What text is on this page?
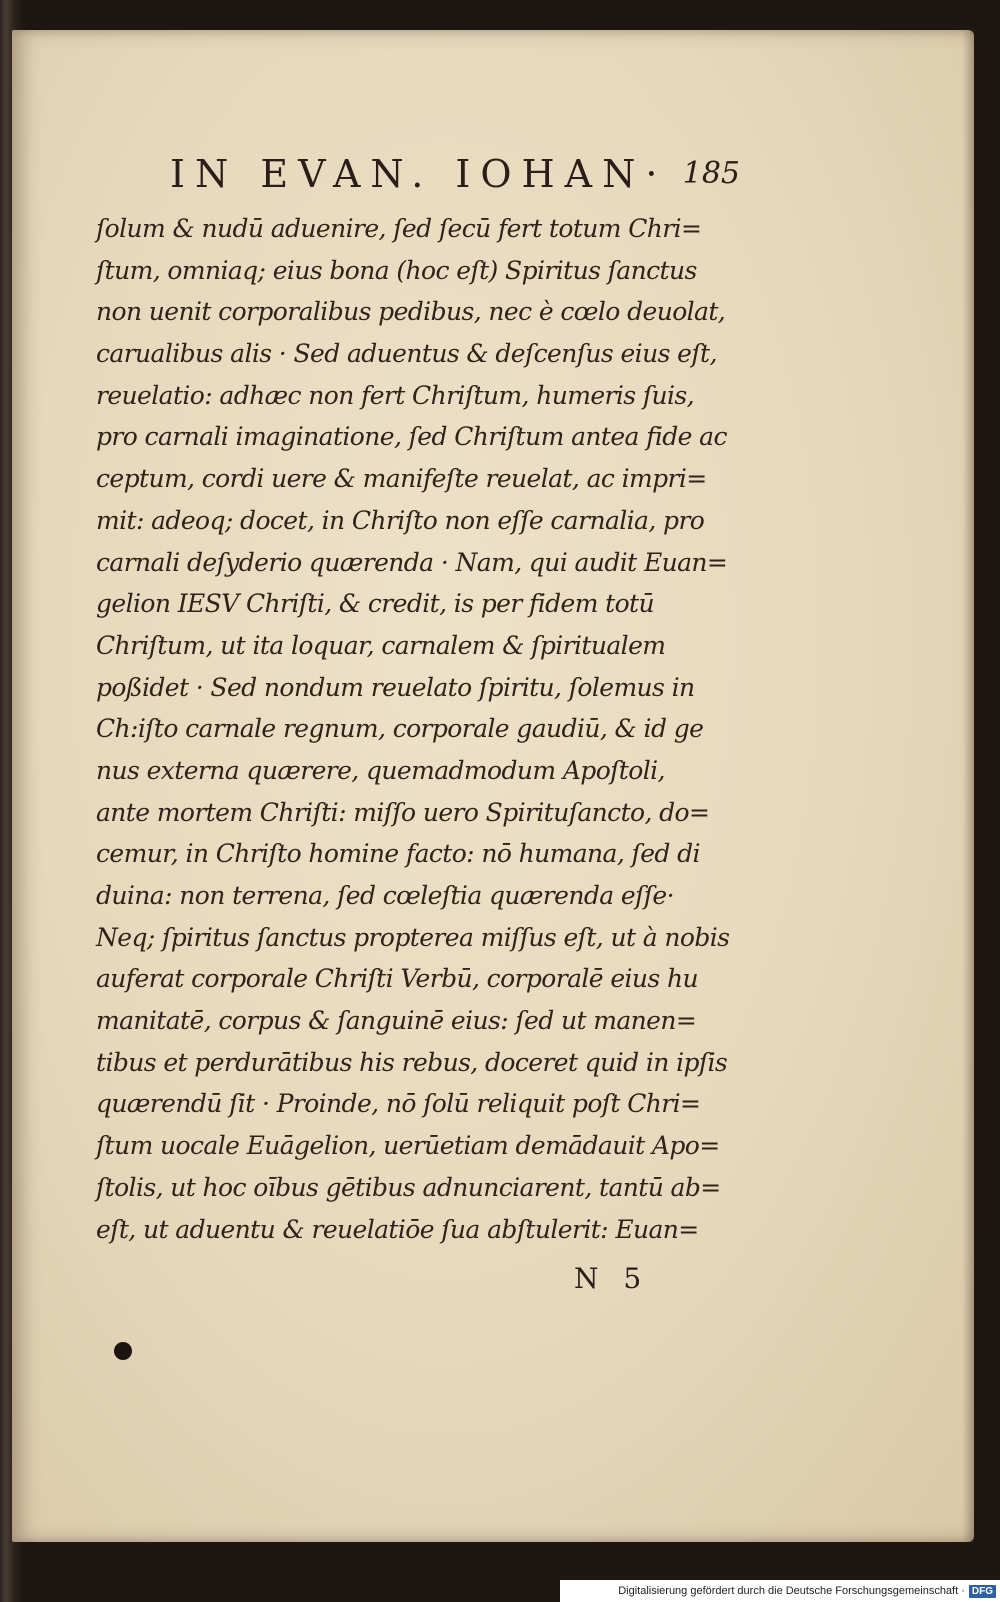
IN EVAN. IOHAN· 185
ſolum & nudū aduenire, ſed ſecū fert totum Chri=
ſtum, omniaq; eius bona (hoc eſt) Spiritus ſanctus
non uenit corporalibus pedibus, nec è cœlo deuolat,
carualibus alis · Sed aduentus & deſcenſus eius eſt,
reuelatio: adhæc non fert Chriſtum, humeris ſuis,
pro carnali imaginatione, ſed Chriſtum antea fide ac
ceptum, cordi uere & manifeſte reuelat, ac impri=
mit: adeoq; docet, in Chriſto non eſſe carnalia, pro
carnali deſyderio quærenda · Nam, qui audit Euan=
gelion IESV Chriſti, & credit, is per fidem totū
Chriſtum, ut ita loquar, carnalem & ſpiritualem
poßidet · Sed nondum reuelato ſpiritu, ſolemus in
Ch:iſto carnale regnum, corporale gaudiū, & id ge
nus externa quærere, quemadmodum Apoſtoli,
ante mortem Chriſti: miſſo uero Spirituſancto, do=
cemur, in Chriſto homine facto: nō humana, ſed di
duina: non terrena, ſed cœleſtia quærenda eſſe·
Neq; ſpiritus ſanctus propterea miſſus eſt, ut à nobis
auferat corporale Chriſti Verbū, corporalē eius hu
manitatē, corpus & ſanguinē eius: ſed ut manen=
tibus et perdurātibus his rebus, doceret quid in ipſis
quærendū ſit · Proinde, nō ſolū reliquit poſt Chri=
ſtum uocale Euāgelion, uerūetiam demādauit Apo=
ſtolis, ut hoc oībus gētibus adnunciarent, tantū ab=
eſt, ut aduentu & reuelatiōe ſua abſtulerit: Euan=
N 5
Digitalisierung gefördert durch die Deutsche Forschungsgemeinschaft · DFG
